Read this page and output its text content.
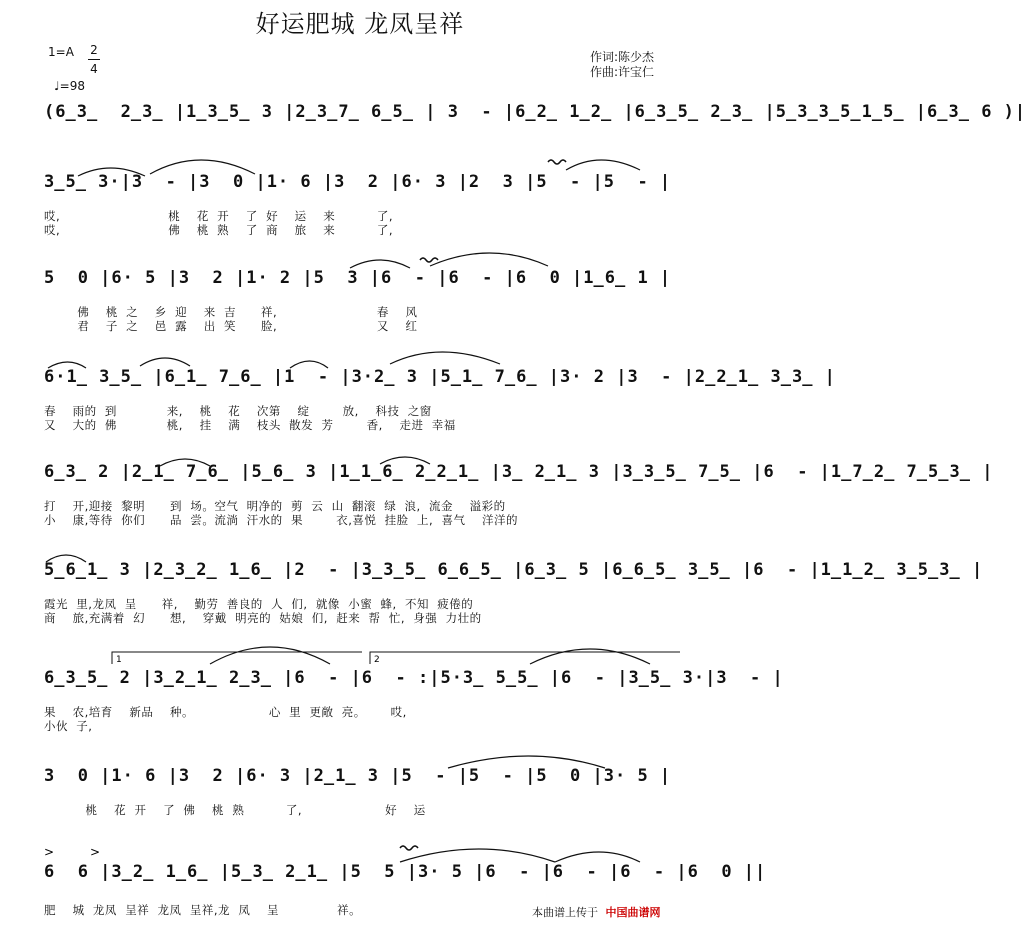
好运肥城 龙凤呈祥
1=A	2
4
♩=98
作词:陈少杰
作曲:许宝仁
(6̲3̲  2̲3̲ |1̲3̲5̲ 3 |2̲3̲7̲ 6̲5̲ | 3  - |6̲2̲ 1̲2̲ |6̲3̲5̲ 2̲3̲ |5̲3̲3̲5̲1̲5̲ |6̲3̲ 6 )|
3̲5̲ 3·|3  - |3  0 |1· 6 |3  2 |6· 3 |2  3 |5  - |5  - |
哎,                          桃    花  开    了  好    运    来          了,
哎,                          佛    桃  熟    了  商    旅    来          了,
5  0 |6· 5 |3  2 |1· 2 |5  3 |6  - |6  - |6  0 |1̲6̲ 1 |
佛    桃  之    乡  迎    来  吉      祥,                        春    风
君    子  之    邑  露    出  笑      脸,                        又    红
6·1̲ 3̲5̲ |6̲1̲ 7̲6̲ |1  - |3·2̲ 3 |5̲1̲ 7̲6̲ |3· 2 |3  - |2̲2̲1̲ 3̲3̲ |
春    雨的  到            来,    桃    花    次第    绽        放,    科技  之窗
又    大的  佛            桃,    挂    满    枝头  散发  芳        香,    走进  幸福
6̲3̲ 2 |2̲1̲ 7̲6̲ |5̲6̲ 3 |1̲1̲6̲ 2̲2̲1̲ |3̲ 2̲1̲ 3 |3̲3̲5̲ 7̲5̲ |6  - |1̲7̲2̲ 7̲5̲3̲ |
打    开,迎接  黎明      到  场。空气  明净的  剪  云  山  翻滚  绿  浪,  流金    溢彩的
小    康,等待  你们      品  尝。流淌  汗水的  果        衣,喜悦  挂脸  上,  喜气    洋洋的
5̲6̲1̲ 3 |2̲3̲2̲ 1̲6̲ |2  - |3̲3̲5̲ 6̲6̲5̲ |6̲3̲ 5 |6̲6̲5̲ 3̲5̲ |6  - |1̲1̲2̲ 3̲5̲3̲ |
霞光  里,龙凤  呈      祥,    勤劳  善良的  人  们,  就像  小蜜  蜂,  不知  疲倦的
商    旅,充满着  幻      想,    穿戴  明亮的  姑娘  们,  赶来  帮  忙,  身强  力壮的
6̲3̲5̲ 2 |3̲2̲1̲ 2̲3̲ |6  - |6  - :|5·3̲ 5̲5̲ |6  - |3̲5̲ 3·|3  - |
果    农,培育    新品    种。                  心  里  更敞  亮。      哎,
小伙  子,
3  0 |1· 6 |3  2 |6· 3 |2̲1̲ 3 |5  - |5  - |5  0 |3· 5 |
桃    花  开    了  佛    桃  熟          了,                    好    运
6  6 |3̲2̲ 1̲6̲ |5̲3̲ 2̲1̲ |5  5 |3· 5 |6  - |6  - |6  - |6  0 ||
肥    城  龙凤  呈祥  龙凤  呈祥,龙  凤    呈              祥。
1	2
>	>
本曲谱上传于 中国曲谱网
